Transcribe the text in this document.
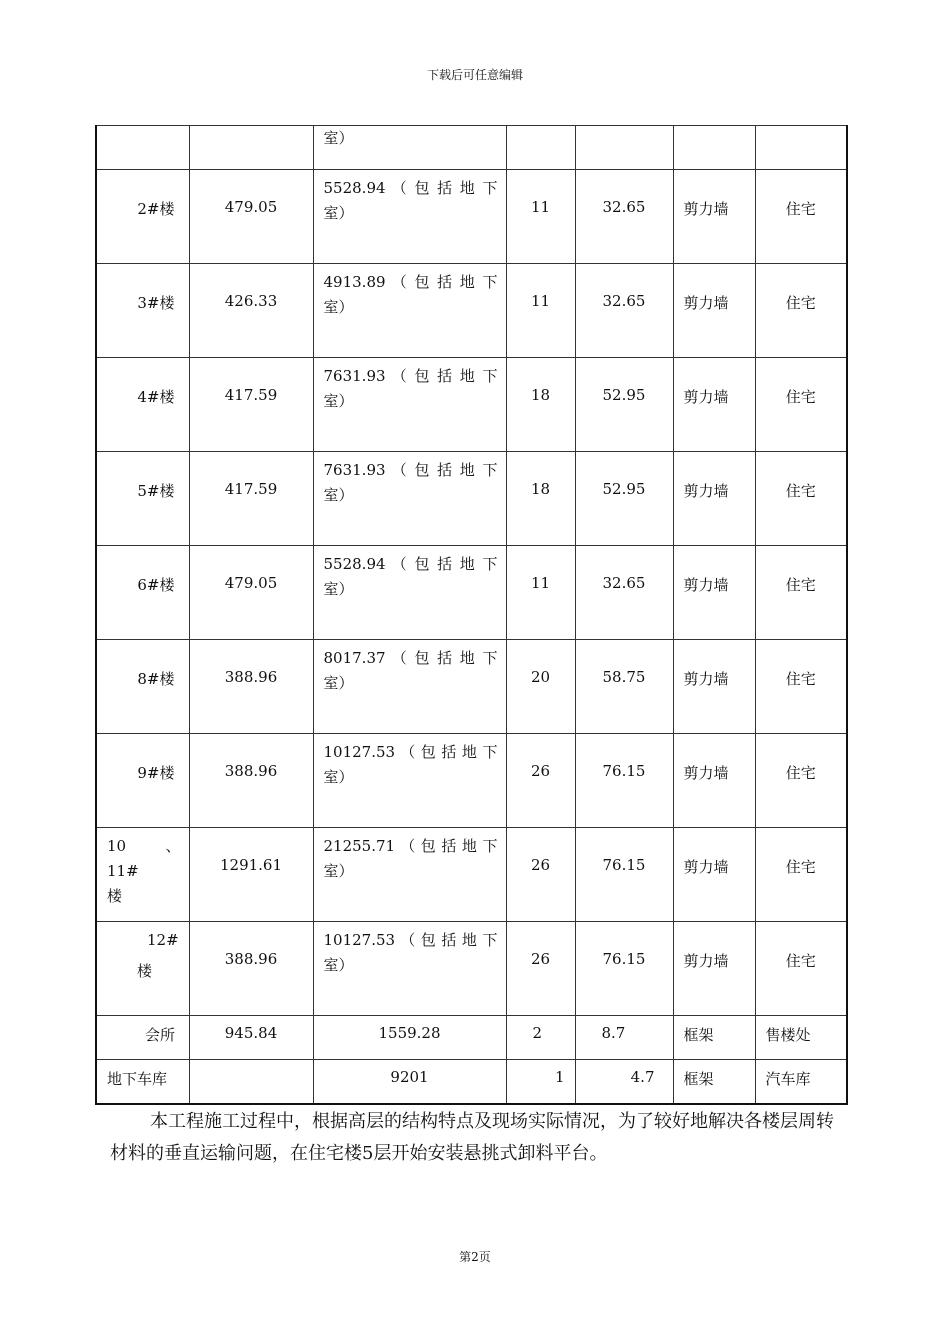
下载后可任意编辑

		室）				

2#楼	479.05	5528.94 （ 包 括 地 下
室）	11	32.65	剪力墙	住宅

3#楼	426.33	4913.89 （ 包 括 地 下
室）	11	32.65	剪力墙	住宅

4#楼	417.59	7631.93 （ 包 括 地 下
室）	18	52.95	剪力墙	住宅

5#楼	417.59	7631.93 （ 包 括 地 下
室）	18	52.95	剪力墙	住宅

6#楼	479.05	5528.94 （ 包 括 地 下
室）	11	32.65	剪力墙	住宅

8#楼	388.96	8017.37 （ 包 括 地 下
室）	20	58.75	剪力墙	住宅

9#楼	388.96	10127.53 （ 包 括 地 下
室）	26	76.15	剪力墙	住宅

10 、 11#
楼	1291.61	21255.71 （ 包 括 地 下
室）	26	76.15	剪力墙	住宅

12#
楼	388.96	10127.53 （ 包 括 地 下
室）	26	76.15	剪力墙	住宅

会所	945.84	1559.28	2	8.7	框架	售楼处

地下车库		9201	1	4.7	框架	汽车库

本工程施工过程中，根据高层的结构特点及现场实际情况，为了较好地解决各楼层周转材料的垂直运输问题，在住宅楼5层开始安装悬挑式卸料平台。

第2页
